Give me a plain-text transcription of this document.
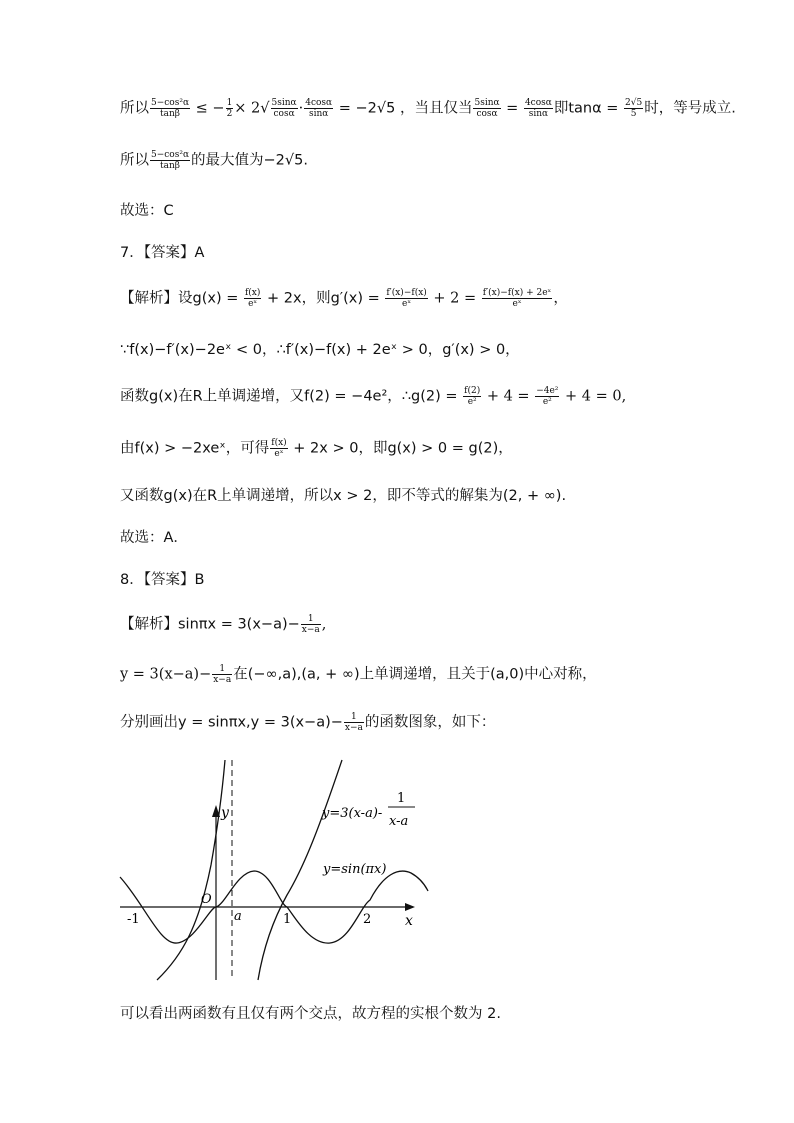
所以 $\frac{\text{5−cos²α}}{\tan\beta}$ ≤ − $\frac{1}{2} \times 2√ \frac{5\sin\alpha}{\cos\alpha} \cdot \frac{4\cos\alpha}{\sin\alpha} = -2√5$ ，当且仅当 $\frac{5\sin\alpha}{\cos\alpha} = \frac{4\cos\alpha}{\sin\alpha}$ 即$\tan\alpha = \frac{2√5}{5}$ 时，等号成立.
所以 $\frac{\text{5−cos²α}}{\tan\beta}$ 的最大值为−2√5.
故选：C
7．【答案】A
【解析】设$g(x) = \frac{f(x)}{\text{eˣ}} + 2x$，则$g'(x) = \frac{f'(x)-f(x)}{\text{eˣ}} + 2 = \frac{\text{f′(x)−f(x) + 2eˣ}}{\text{eˣ}}$ ，
∵f(x)−f′(x)−2eˣ < 0，∴f′(x)−f(x) + 2eˣ > 0，g′(x) > 0，
函数g(x)在R上单调递增，又f(2) = −4e²，∴g(2) = $\frac{f(2)}{\text{e²}} + 4 = \frac{\text{−4e²}}{\text{e²}} + 4 = 0$,
由f(x) > −2xeˣ，可得 $\frac{f(x)}{\text{eˣ}} + 2x > 0$，即g(x) > 0 = g(2)，
又函数g(x)在R上单调递增，所以x > 2，即不等式的解集为(2, + ∞).
故选：A．
8．【答案】B
【解析】$\sin\pi x = 3(x-a)- \frac{1}{x-a}$ ,
$y = 3(x-a)- \frac{1}{x-a}$ 在(−∞,a),(a, + ∞)上单调递增，且关于(a,0)中心对称，
分别画出$y = \sin\pi x,y = 3(x-a)- \frac{1}{x-a}$ 的函数图象，如下：
y
x
O
-1	a	1	2
y=3(x-a)-
1
x-a
y=sin(πx)
可以看出两函数有且仅有两个交点，故方程的实根个数为 2.
